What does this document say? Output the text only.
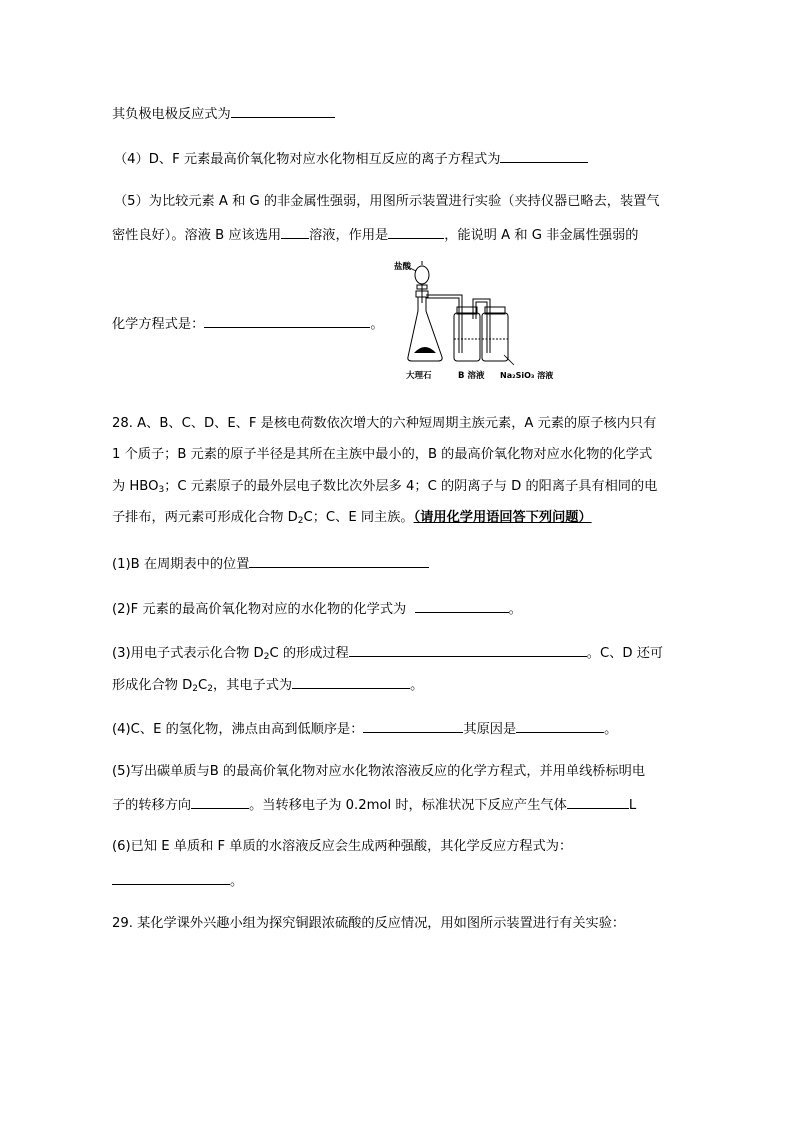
其负极电极反应式为
（4）D、F 元素最高价氧化物对应水化物相互反应的离子方程式为
（5）为比较元素 A 和 G 的非金属性强弱，用图所示装置进行实验（夹持仪器已略去，装置气
密性良好）。溶液 B 应该选用 溶液，作用是	，能说明 A 和 G 非金属性强弱的
化学方程式是：	。
盐酸
大理石	B 溶液 Na₂SiO₃ 溶液
28. A、B、C、D、E、F 是核电荷数依次增大的六种短周期主族元素，A 元素的原子核内只有
1 个质子；B 元素的原子半径是其所在主族中最小的，B 的最高价氧化物对应水化物的化学式
为 $HBO_3$；C 元素原子的最外层电子数比次外层多 4；C 的阴离子与 D 的阳离子具有相同的电
子排布，两元素可形成化合物 $D_2C$；C、E 同主族。（请用化学用语回答下列问题）
(1)B 在周期表中的位置
(2)F 元素的最高价氧化物对应的水化物的化学式为	。
(3)用电子式表示化合物 $D_2C$ 的形成过程	。C、D 还可
形成化合物 $D_2C_2$，其电子式为	。
(4)C、E 的氢化物，沸点由高到低顺序是：	其原因是	。
(5)写出碳单质与B 的最高价氧化物对应水化物浓溶液反应的化学方程式，并用单线桥标明电
子的转移方向	。当转移电子为 0.2mol 时，标准状况下反应产生气体	L
(6)已知 E 单质和 F 单质的水溶液反应会生成两种强酸，其化学反应方程式为：
。
29. 某化学课外兴趣小组为探究铜跟浓硫酸的反应情况，用如图所示装置进行有关实验：
